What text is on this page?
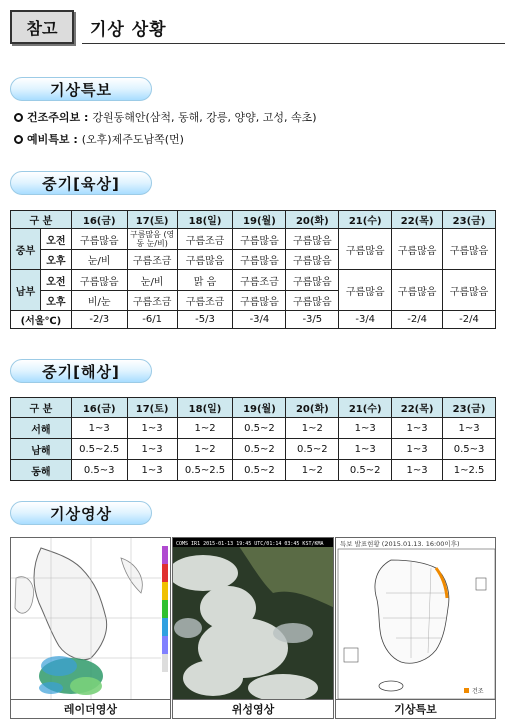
참고	기상 상황
기상특보
건조주의보 : 강원동해안(삼척, 동해, 강릉, 양양, 고성, 속초)
예비특보 : (오후)제주도남쪽(먼)
중기[육상]
구 분		16(금)	17(토)	18(일)	19(월)	20(화)	21(수)	22(목)	23(금)
중부	오전	구름많음	구름많음 (영동 눈/비)	구름조금	구름많음	구름많음	구름많음	구름많음	구름많음
	오후	눈/비	구름조금	구름많음	구름많음	구름많음			
남부	오전	구름많음	눈/비	맑 음	구름조금	구름많음	구름많음	구름많음	구름많음
	오후	비/눈	구름조금	구름조금	구름많음	구름많음			
(서울℃)		-2/3	-6/1	-5/3	-3/4	-3/5	-3/4	-2/4	-2/4
중기[해상]
구 분	16(금)	17(토)	18(일)	19(월)	20(화)	21(수)	22(목)	23(금)
서해	1~3	1~3	1~2	0.5~2	1~2	1~3	1~3	1~3
남해	0.5~2.5	1~3	1~2	0.5~2	0.5~2	1~3	1~3	0.5~3
동해	0.5~3	1~3	0.5~2.5	0.5~2	1~2	0.5~2	1~3	1~2.5
기상영상
레이더영상
COMS IR1 2015-01-13 19:45 UTC/01:14 03:45 KST/KMA
위성영상
특보 발표현황 (2015.01.13. 16:00이후)
건조
기상특보
